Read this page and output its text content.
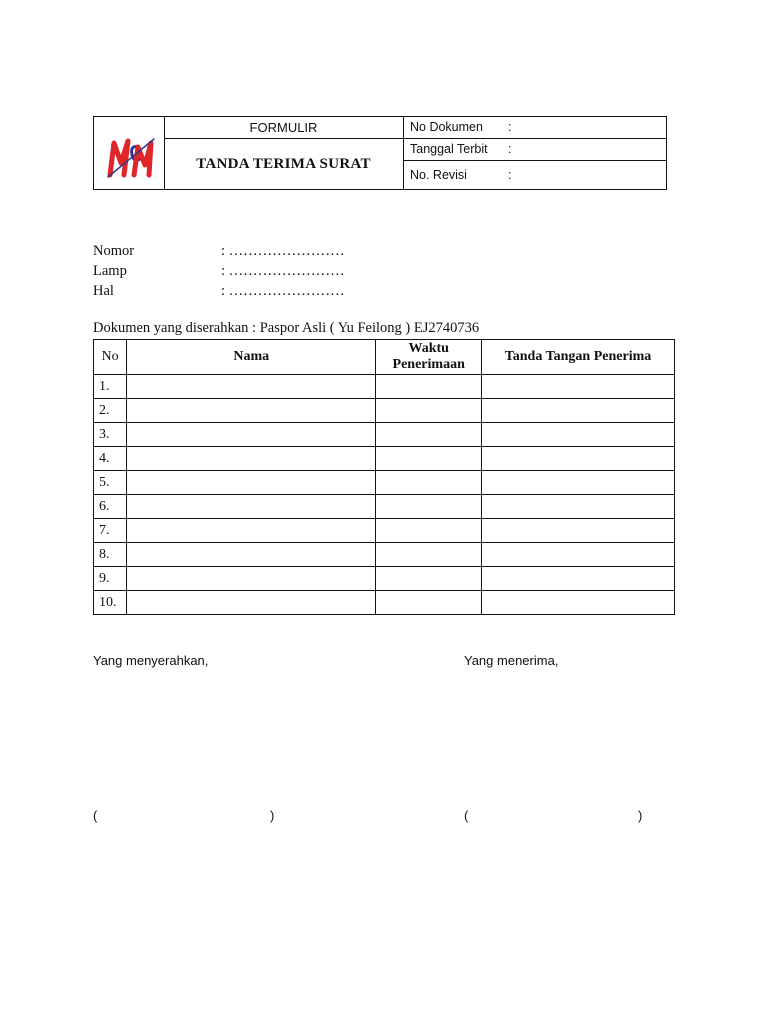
FORMULIR
TANDA TERIMA SURAT
No Dokumen :
Tanggal Terbit :
No. Revisi	:
Nomor	: ……………………
Lamp	: ……………………
Hal	: ……………………
Dokumen yang diserahkan : Paspor Asli ( Yu Feilong ) EJ2740736
No	Nama	Waktu Penerimaan	Tanda Tangan Penerima
1.			
2.			
3.			
4.			
5.			
6.			
7.			
8.			
9.			
10.			
Yang menyerahkan,	Yang menerima,
(	)	(	)
